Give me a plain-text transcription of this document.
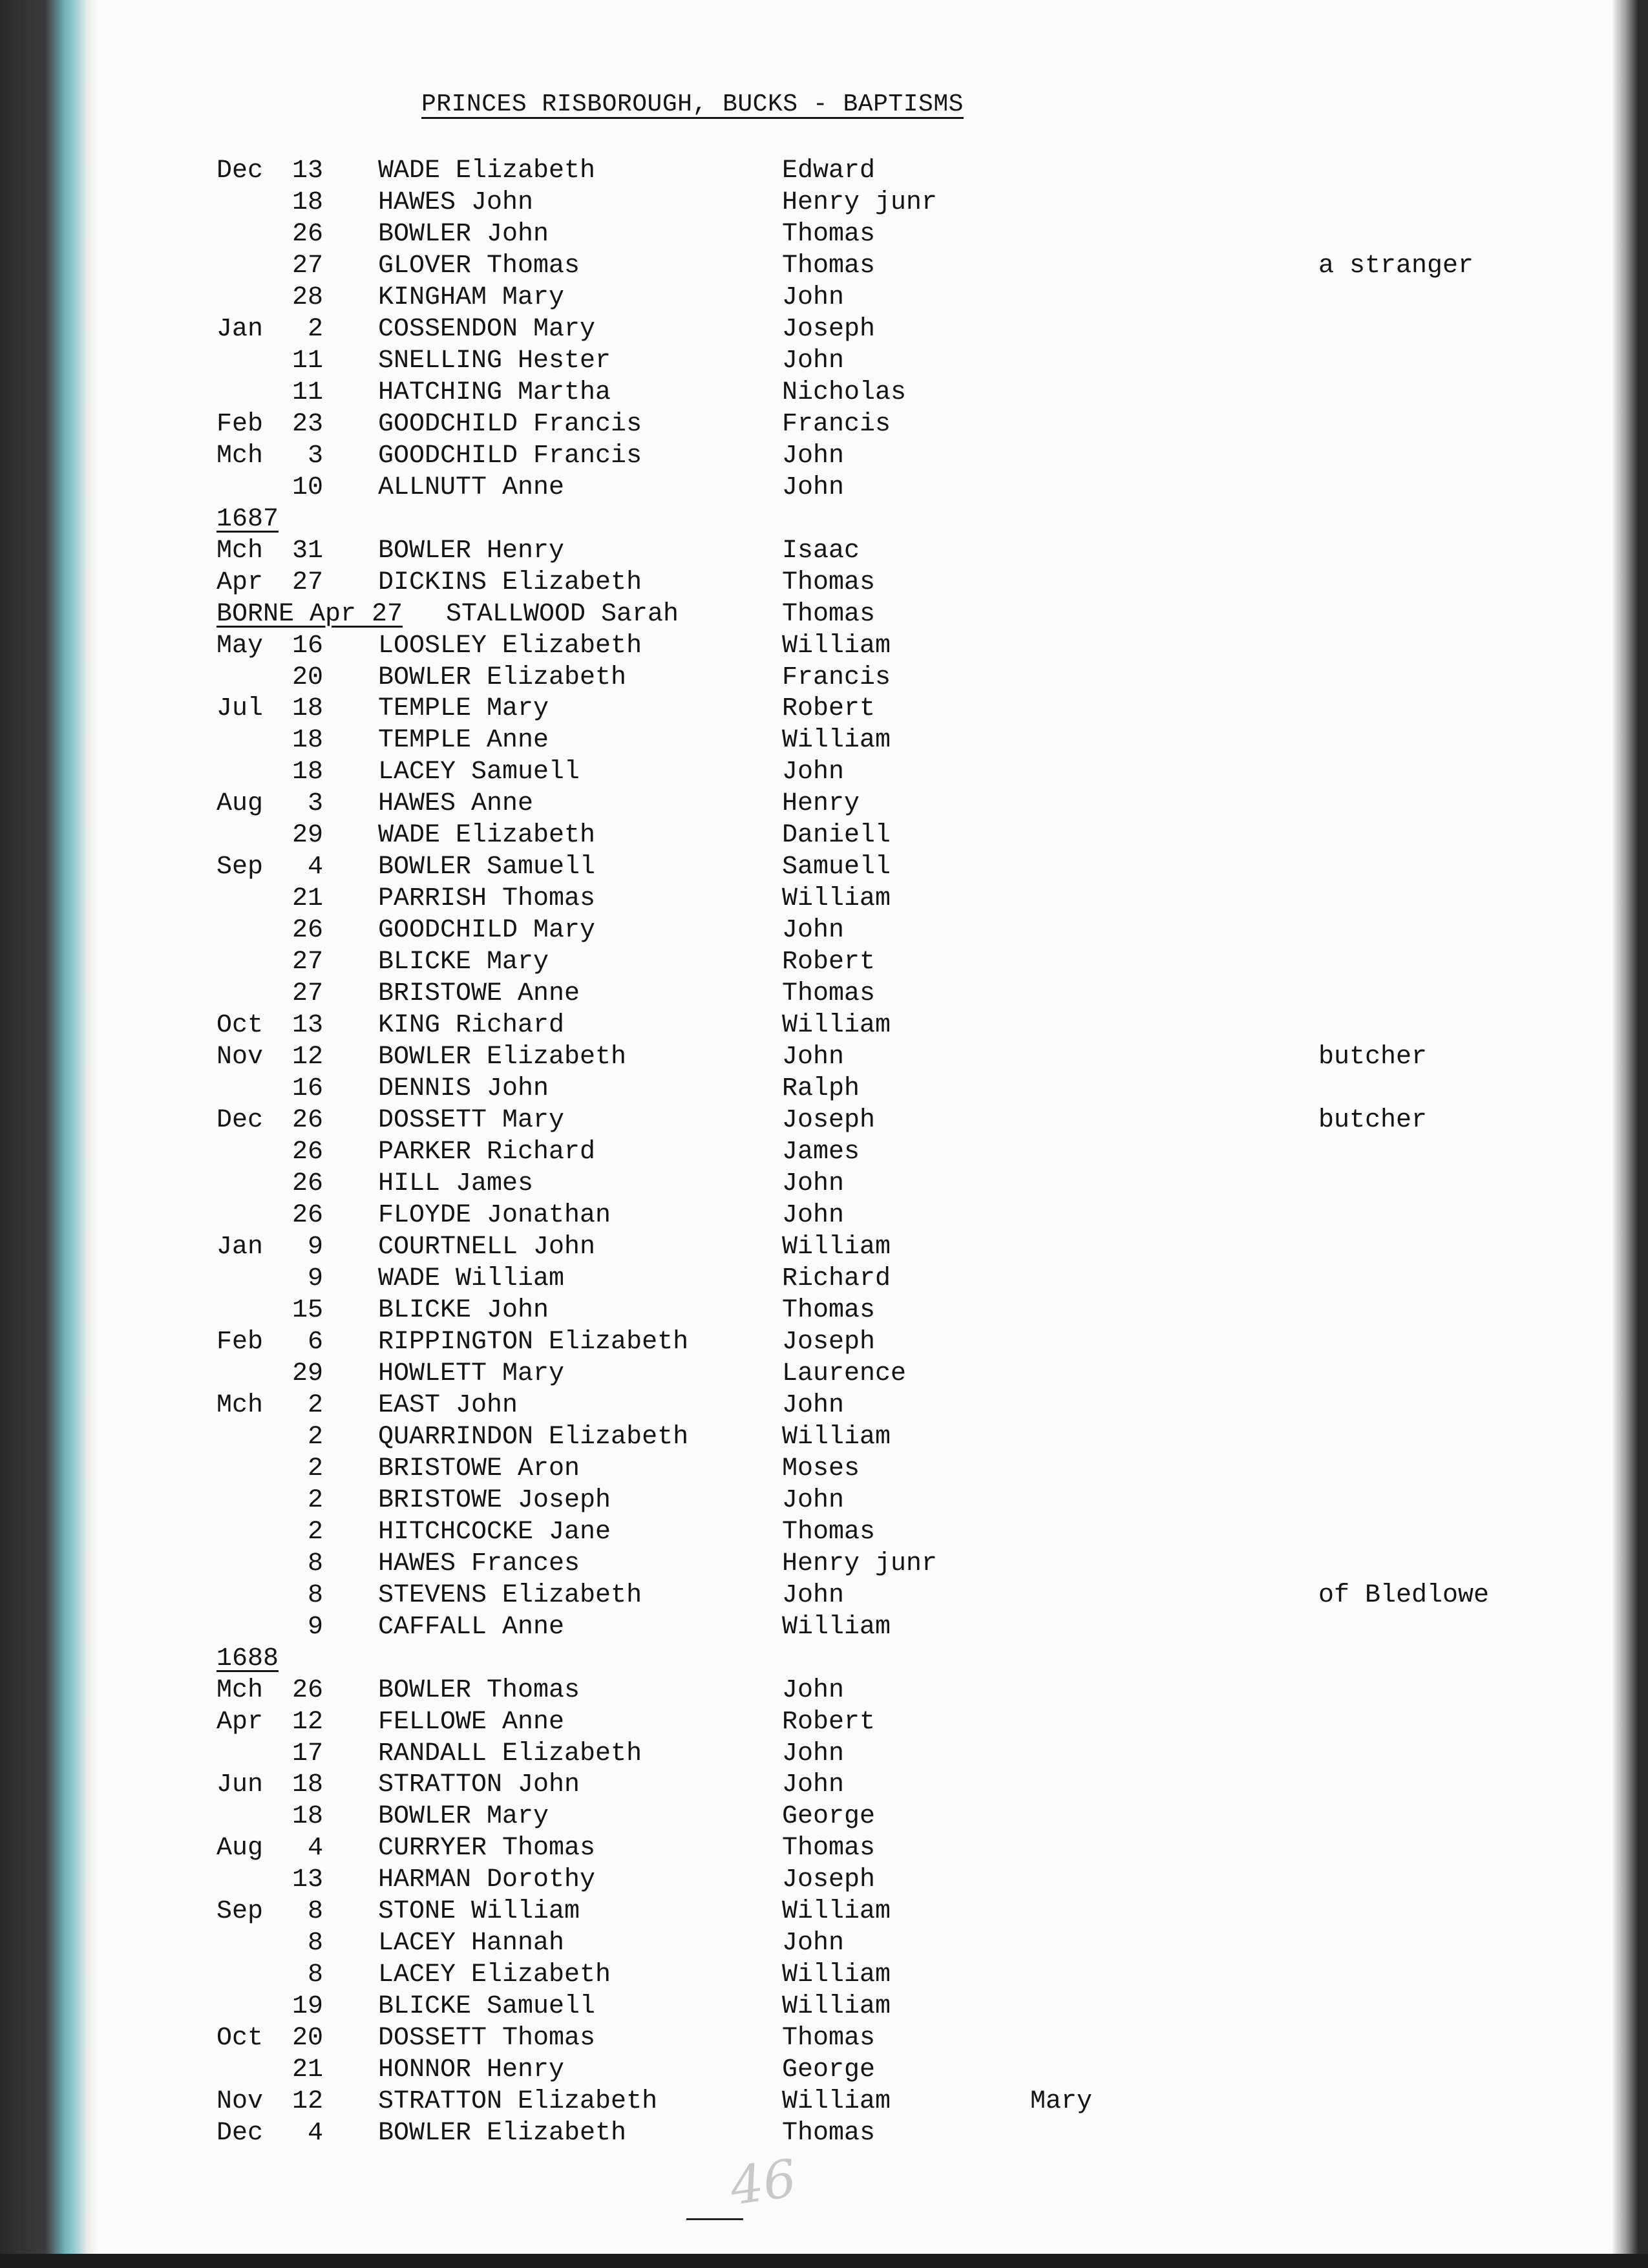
PRINCES RISBOROUGH, BUCKS - BAPTISMS
Dec	13 WADE Elizabeth	Edward
18 HAWES John	Henry junr
26 BOWLER John	Thomas
27 GLOVER Thomas	Thomas	a stranger
28 KINGHAM Mary	John
Jan	2 COSSENDON Mary	Joseph
11 SNELLING Hester	John
11 HATCHING Martha	Nicholas
Feb	23 GOODCHILD Francis	Francis
Mch	3 GOODCHILD Francis	John
10 ALLNUTT Anne	John
1687
Mch	31 BOWLER Henry	Isaac
Apr	27 DICKINS Elizabeth	Thomas
BORNE Apr 27 STALLWOOD Sarah	Thomas
May	16 LOOSLEY Elizabeth	William
20 BOWLER Elizabeth	Francis
Jul	18 TEMPLE Mary	Robert
18 TEMPLE Anne	William
18 LACEY Samuell	John
Aug	3 HAWES Anne	Henry
29 WADE Elizabeth	Daniell
Sep	4 BOWLER Samuell	Samuell
21 PARRISH Thomas	William
26 GOODCHILD Mary	John
27 BLICKE Mary	Robert
27 BRISTOWE Anne	Thomas
Oct	13 KING Richard	William
Nov	12 BOWLER Elizabeth	John	butcher
16 DENNIS John	Ralph
Dec	26 DOSSETT Mary	Joseph	butcher
26 PARKER Richard	James
26 HILL James	John
26 FLOYDE Jonathan	John
Jan	9 COURTNELL John	William
9 WADE William	Richard
15 BLICKE John	Thomas
Feb	6 RIPPINGTON Elizabeth	Joseph
29 HOWLETT Mary	Laurence
Mch	2 EAST John	John
2 QUARRINDON Elizabeth	William
2 BRISTOWE Aron	Moses
2 BRISTOWE Joseph	John
2 HITCHCOCKE Jane	Thomas
8 HAWES Frances	Henry junr
8 STEVENS Elizabeth	John	of Bledlowe
9 CAFFALL Anne	William
1688
Mch	26 BOWLER Thomas	John
Apr	12 FELLOWE Anne	Robert
17 RANDALL Elizabeth	John
Jun	18 STRATTON John	John
18 BOWLER Mary	George
Aug	4 CURRYER Thomas	Thomas
13 HARMAN Dorothy	Joseph
Sep	8 STONE William	William
8 LACEY Hannah	John
8 LACEY Elizabeth	William
19 BLICKE Samuell	William
Oct	20 DOSSETT Thomas	Thomas
21 HONNOR Henry	George
Nov	12 STRATTON Elizabeth	William	Mary
Dec	4 BOWLER Elizabeth	Thomas
46
